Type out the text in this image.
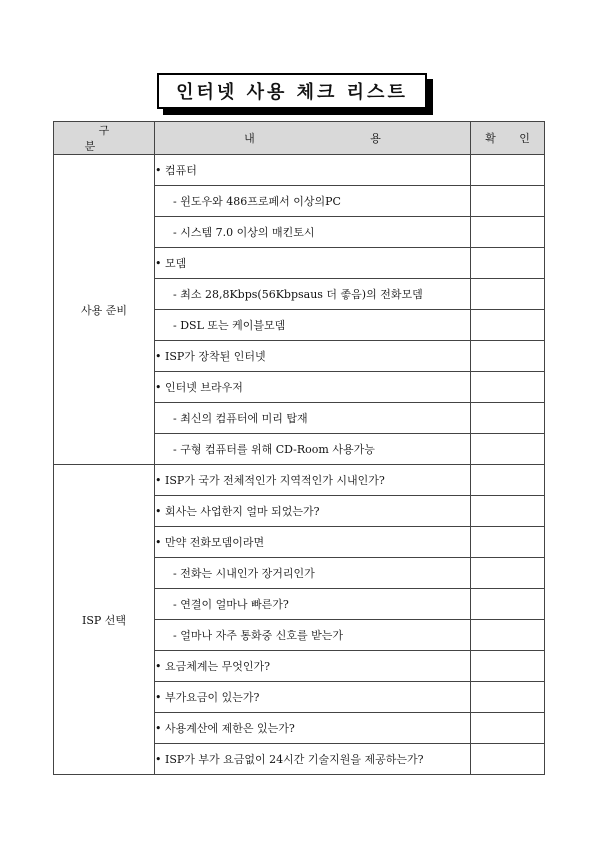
인터넷 사용 체크 리스트
구 분	내 용	확 인
사용 준비	• 컴퓨터	
	- 윈도우와 486프로페서 이상의PC	
	- 시스템 7.0 이상의 매킨토시	
	• 모뎀	
	- 최소 28,8Kbps(56Kbpsaus 더 좋음)의 전화모뎀	
	- DSL 또는 케이블모뎀	
	• ISP가 장착된 인터넷	
	• 인터넷 브라우저	
	- 최신의 컴퓨터에 미리 탑재	
	- 구형 컴퓨터를 위해 CD-Room 사용가능	
ISP 선택	• ISP가 국가 전체적인가 지역적인가 시내인가?	
	• 회사는 사업한지 얼마 되었는가?	
	• 만약 전화모뎀이라면	
	- 전화는 시내인가 장거리인가	
	- 연결이 얼마나 빠른가?	
	- 얼마나 자주 통화중 신호를 받는가	
	• 요금체계는 무엇인가?	
	• 부가요금이 있는가?	
	• 사용계산에 제한은 있는가?	
	• ISP가 부가 요금없이 24시간 기술지원을 제공하는가?	
